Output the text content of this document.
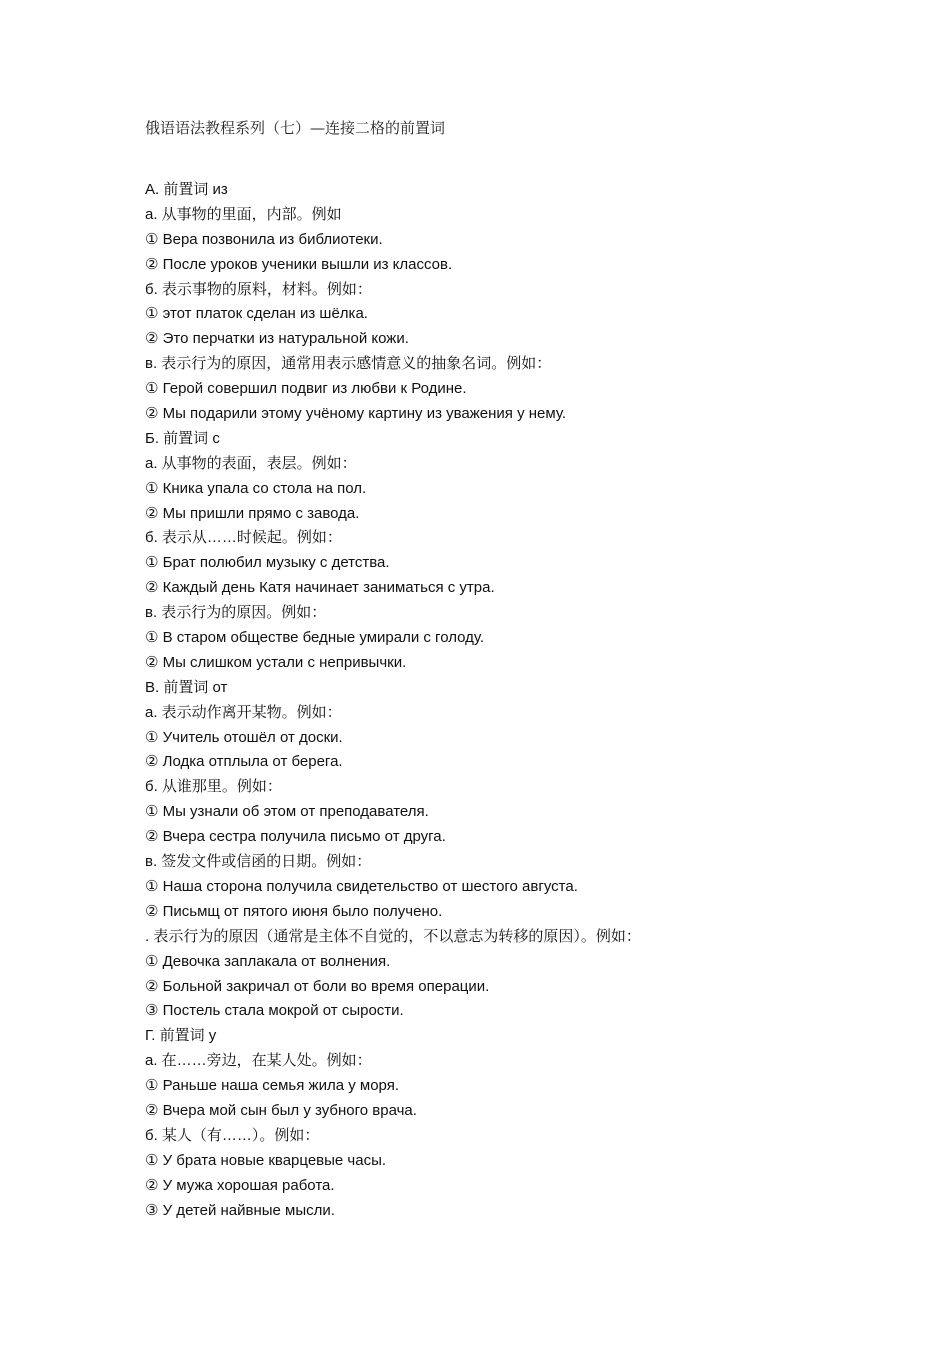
俄语语法教程系列（七）—连接二格的前置词
A. 前置词 из
а. 从事物的里面，内部。例如
① Вера позвонила из библиотеки.
② После уроков ученики вышли из классов.
б. 表示事物的原料，材料。例如：
① этот платок сделан из шёлка.
② Это перчатки из натуральной кожи.
в. 表示行为的原因，通常用表示感情意义的抽象名词。例如：
① Герой совершил подвиг из любви к Родине.
② Мы подарили этому учёному картину из уважения у нему.
Б. 前置词 с
а. 从事物的表面，表层。例如：
① Кника упала со стола на пол.
② Мы пришли прямо с завода.
б. 表示从……时候起。例如：
① Брат полюбил музыку с детства.
② Каждый день Катя начинает заниматься с утра.
в. 表示行为的原因。例如：
① В старом обществе бедные умирали с голоду.
② Мы слишком устали с непривычки.
В. 前置词 от
а. 表示动作离开某物。例如：
① Учитель отошёл от доски.
② Лодка отплыла от берега.
б. 从谁那里。例如：
① Мы узнали об этом от преподавателя.
② Вчера сестра получила письмо от друга.
в. 签发文件或信函的日期。例如：
① Наша сторона получила свидетельство от шестого августа.
② Письмщ от пятого июня было получено.
. 表示行为的原因（通常是主体不自觉的，不以意志为转移的原因）。例如：
① Девочка заплакала от волнения.
② Больной закричал от боли во время операции.
③ Постель стала мокрой от сырости.
Г. 前置词 у
а. 在……旁边，在某人处。例如：
① Раньше наша семья жила у моря.
② Вчера мой сын был у зубного врача.
б. 某人（有……）。例如：
① У брата новые кварцевые часы.
② У мужа хорошая работа.
③ У детей найвные мысли.
